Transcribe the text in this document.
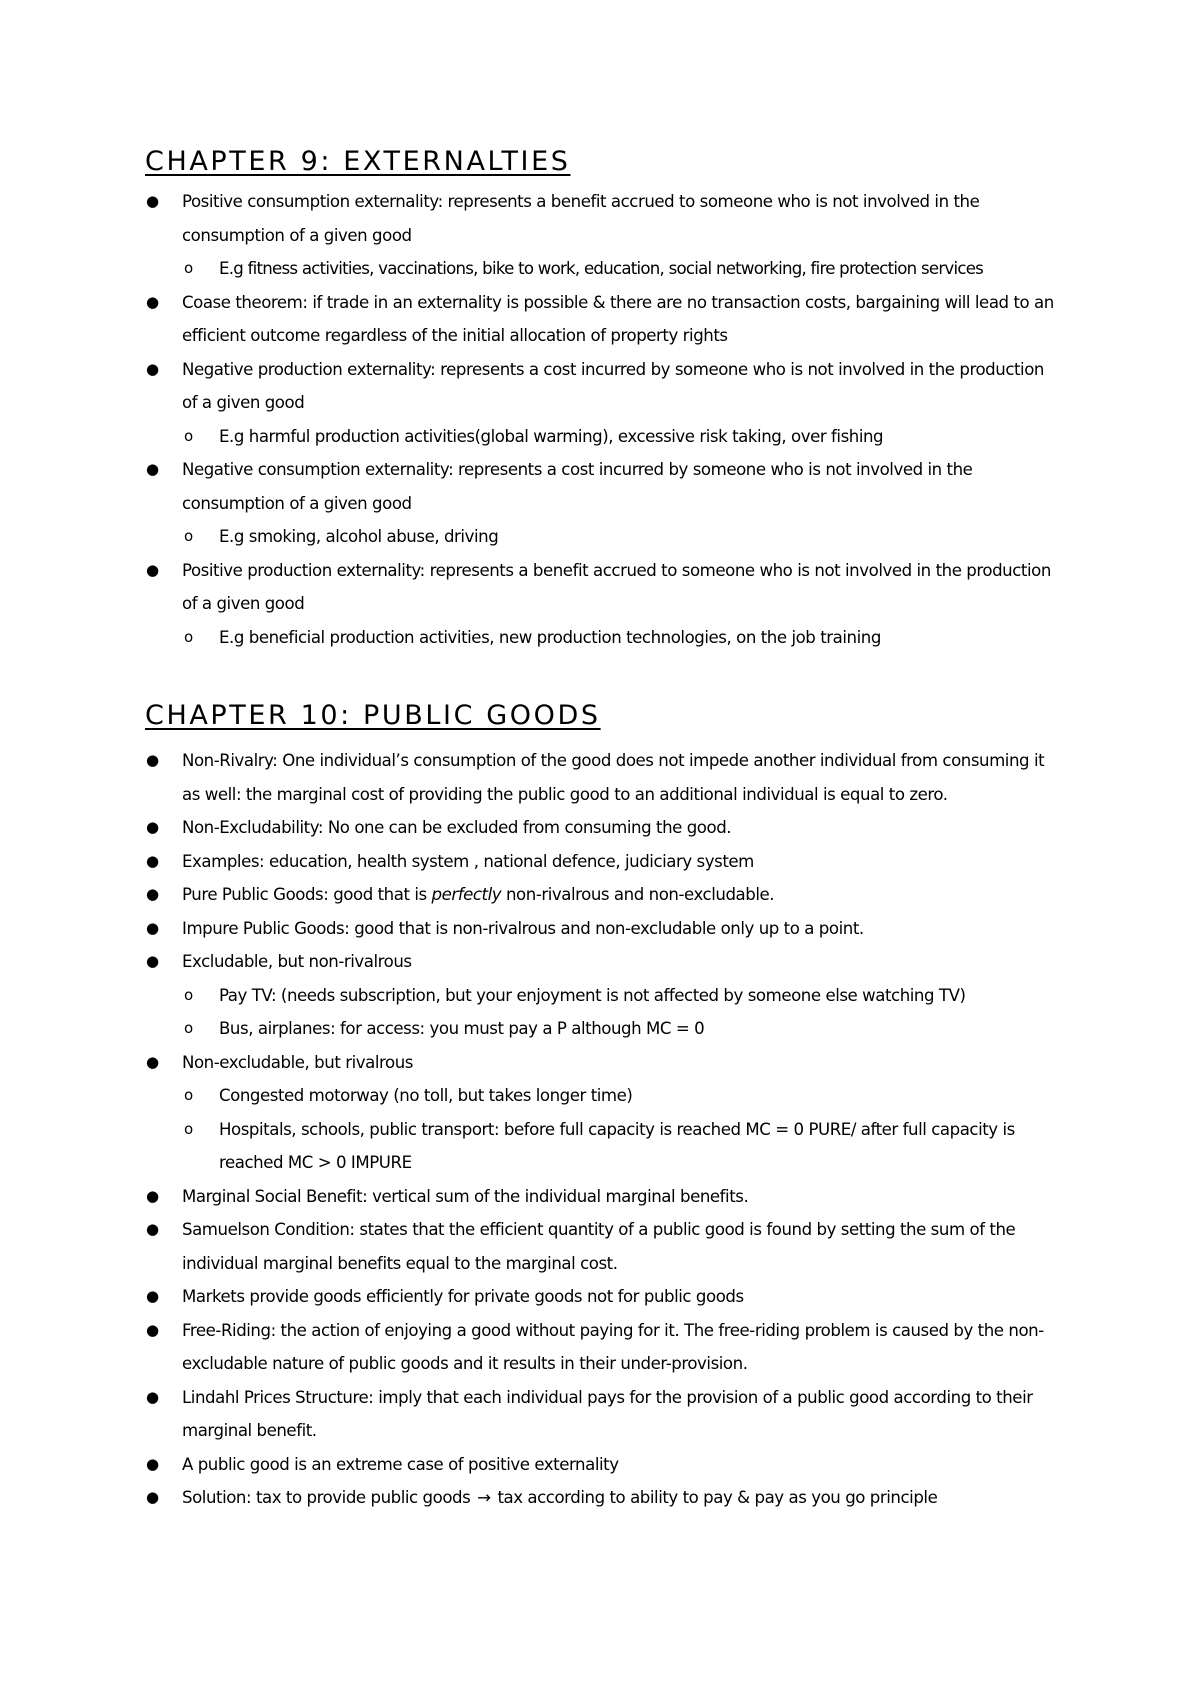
CHAPTER 9: EXTERNALTIES
● Positive consumption externality: represents a benefit accrued to someone who is not involved in the consumption of a given good
o E.g fitness activities, vaccinations, bike to work, education, social networking, fire protection services
● Coase theorem: if trade in an externality is possible & there are no transaction costs, bargaining will lead to an efficient outcome regardless of the initial allocation of property rights
● Negative production externality: represents a cost incurred by someone who is not involved in the production of a given good
o E.g harmful production activities(global warming), excessive risk taking, over fishing
● Negative consumption externality: represents a cost incurred by someone who is not involved in the consumption of a given good
o E.g smoking, alcohol abuse, driving
● Positive production externality: represents a benefit accrued to someone who is not involved in the production of a given good
o E.g beneficial production activities, new production technologies, on the job training
CHAPTER 10: PUBLIC GOODS
● Non-Rivalry: One individual’s consumption of the good does not impede another individual from consuming it as well: the marginal cost of providing the public good to an additional individual is equal to zero.
● Non-Excludability: No one can be excluded from consuming the good.
● Examples: education, health system , national defence, judiciary system
● Pure Public Goods: good that is perfectly non-rivalrous and non-excludable.
● Impure Public Goods: good that is non-rivalrous and non-excludable only up to a point.
● Excludable, but non-rivalrous
o Pay TV: (needs subscription, but your enjoyment is not affected by someone else watching TV)
o Bus, airplanes: for access: you must pay a P although MC = 0
● Non-excludable, but rivalrous
o Congested motorway (no toll, but takes longer time)
o Hospitals, schools, public transport: before full capacity is reached MC = 0 PURE/ after full capacity is reached MC > 0 IMPURE
● Marginal Social Benefit: vertical sum of the individual marginal benefits.
● Samuelson Condition: states that the efficient quantity of a public good is found by setting the sum of the individual marginal benefits equal to the marginal cost.
● Markets provide goods efficiently for private goods not for public goods
● Free-Riding: the action of enjoying a good without paying for it. The free-riding problem is caused by the non-excludable nature of public goods and it results in their under-provision.
● Lindahl Prices Structure: imply that each individual pays for the provision of a public good according to their marginal benefit.
● A public good is an extreme case of positive externality
● Solution: tax to provide public goods → tax according to ability to pay & pay as you go principle
